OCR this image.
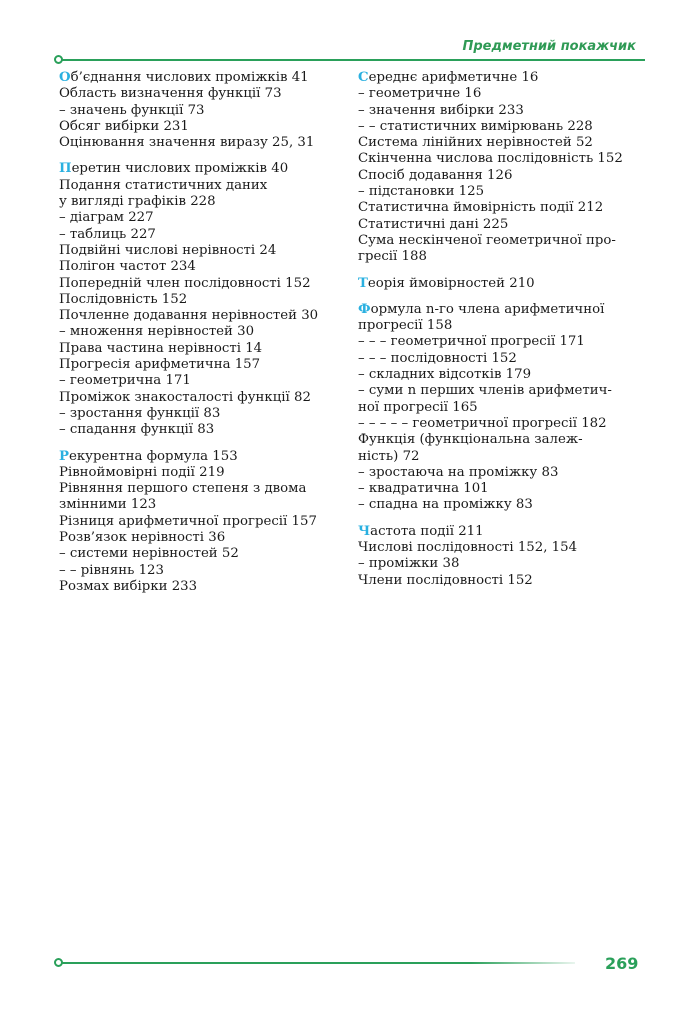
Предметний покажчик
Об’єднання числових проміжків 41
Область визначення функції 73
– значень функції 73
Обсяг вибірки 231
Оцінювання значення виразу 25, 31
Перетин числових проміжків 40
Подання статистичних даних
у вигляді графіків 228
– діаграм 227
– таблиць 227
Подвійні числові нерівності 24
Полігон частот 234
Попередній член послідовності 152
Послідовність 152
Почленне додавання нерівностей 30
– множення нерівностей 30
Права частина нерівності 14
Прогресія арифметична 157
– геометрична 171
Проміжок знакосталості функції 82
– зростання функції 83
– спадання функції 83
Рекурентна формула 153
Рівноймовірні події 219
Рівняння першого степеня з двома
змінними 123
Різниця арифметичної прогресії 157
Розв’язок нерівності 36
– системи нерівностей 52
– – рівнянь 123
Розмах вибірки 233
Середнє арифметичне 16
– геометричне 16
– значення вибірки 233
– – статистичних вимірювань 228
Система лінійних нерівностей 52
Скінченна числова послідовність 152
Спосіб додавання 126
– підстановки 125
Статистична ймовірність події 212
Статистичні дані 225
Сума нескінченої геометричної про-
гресії 188
Теорія ймовірностей 210
Формула n-го члена арифметичної
прогресії 158
– – – геометричної прогресії 171
– – – послідовності 152
– складних відсотків 179
– суми n перших членів арифметич-
ної прогресії 165
– – – – – геометричної прогресії 182
Функція (функціональна залеж-
ність) 72
– зростаюча на проміжку 83
– квадратична 101
– спадна на проміжку 83
Частота події 211
Числові послідовності 152, 154
– проміжки 38
Члени послідовності 152
269
